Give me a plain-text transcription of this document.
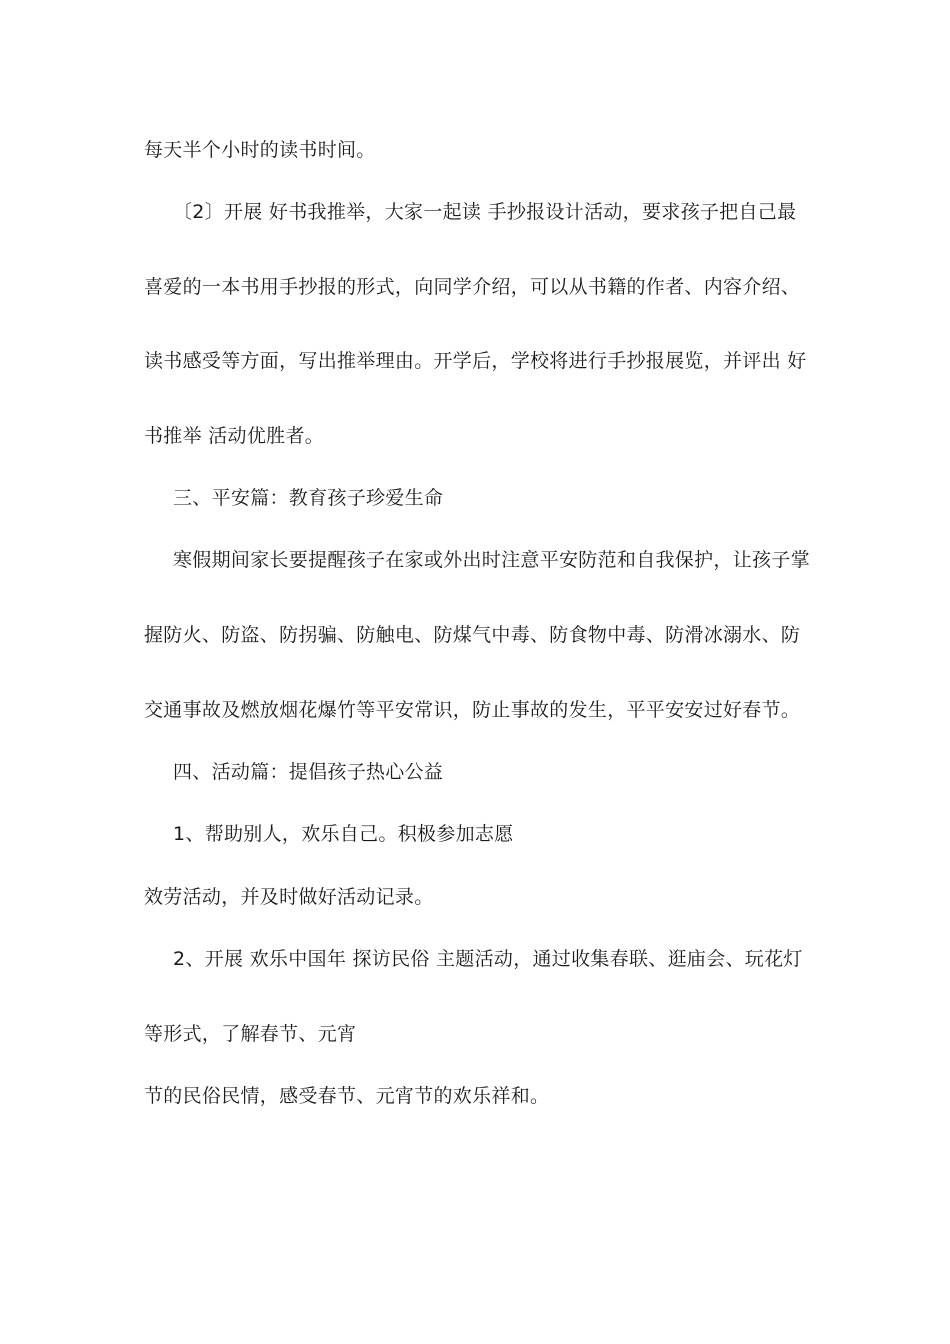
每天半个小时的读书时间。
〔2〕开展 好书我推举，大家一起读 手抄报设计活动，要求孩子把自己最
喜爱的一本书用手抄报的形式，向同学介绍，可以从书籍的作者、内容介绍、
读书感受等方面，写出推举理由。开学后，学校将进行手抄报展览，并评出 好
书推举 活动优胜者。
三、平安篇：教育孩子珍爱生命
寒假期间家长要提醒孩子在家或外出时注意平安防范和自我保护，让孩子掌
握防火、防盗、防拐骗、防触电、防煤气中毒、防食物中毒、防滑冰溺水、防
交通事故及燃放烟花爆竹等平安常识，防止事故的发生，平平安安过好春节。
四、活动篇：提倡孩子热心公益
1、帮助别人，欢乐自己。积极参加志愿
效劳活动，并及时做好活动记录。
2、开展 欢乐中国年 探访民俗 主题活动，通过收集春联、逛庙会、玩花灯
等形式，了解春节、元宵
节的民俗民情，感受春节、元宵节的欢乐祥和。
